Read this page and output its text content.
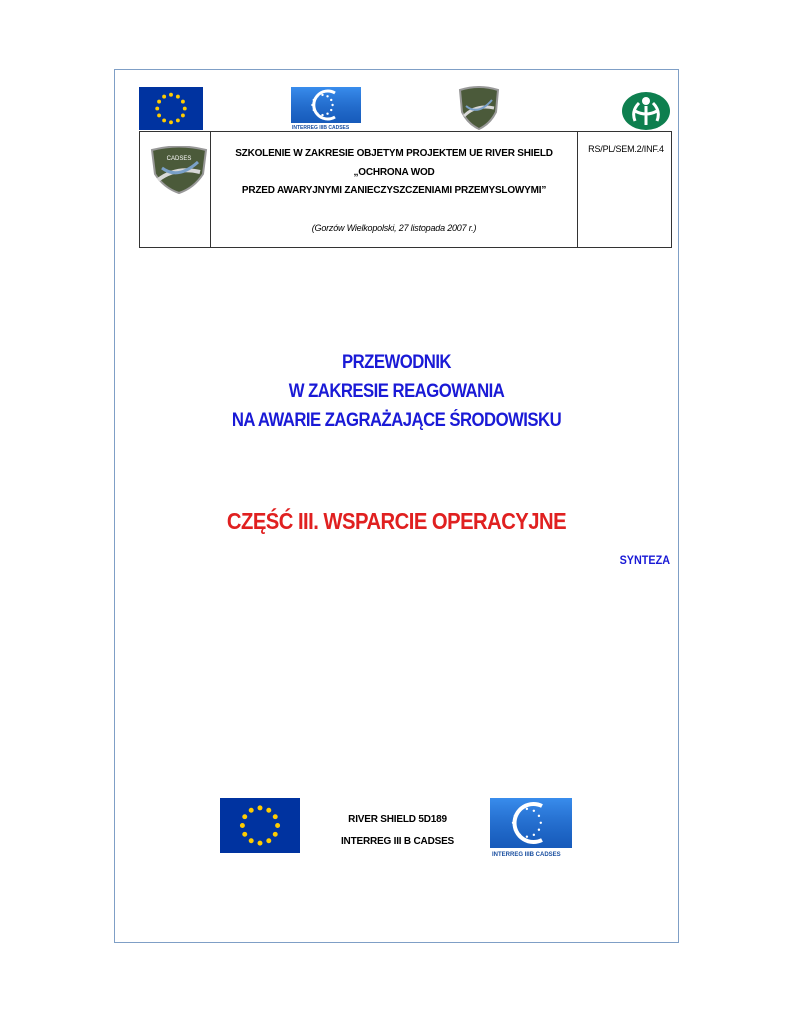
INTERREG IIIB CADSES
CADSES	SZKOLENIE W ZAKRESIE OBJETYM PROJEKTEM UE RIVER SHIELD
„OCHRONA WOD
PRZED AWARYJNYMI ZANIECZYSZCZENIAMI PRZEMYSLOWYMI”
(Gorzów Wielkopolski, 27 listopada 2007 r.)
RS/PL/SEM.2/INF.4
PRZEWODNIK
W ZAKRESIE REAGOWANIA
NA AWARIE ZAGRAŻAJĄCE ŚRODOWISKU
CZĘŚĆ III. WSPARCIE OPERACYJNE
SYNTEZA
RIVER SHIELD 5D189
INTERREG III B CADSES
INTERREG IIIB CADSES
